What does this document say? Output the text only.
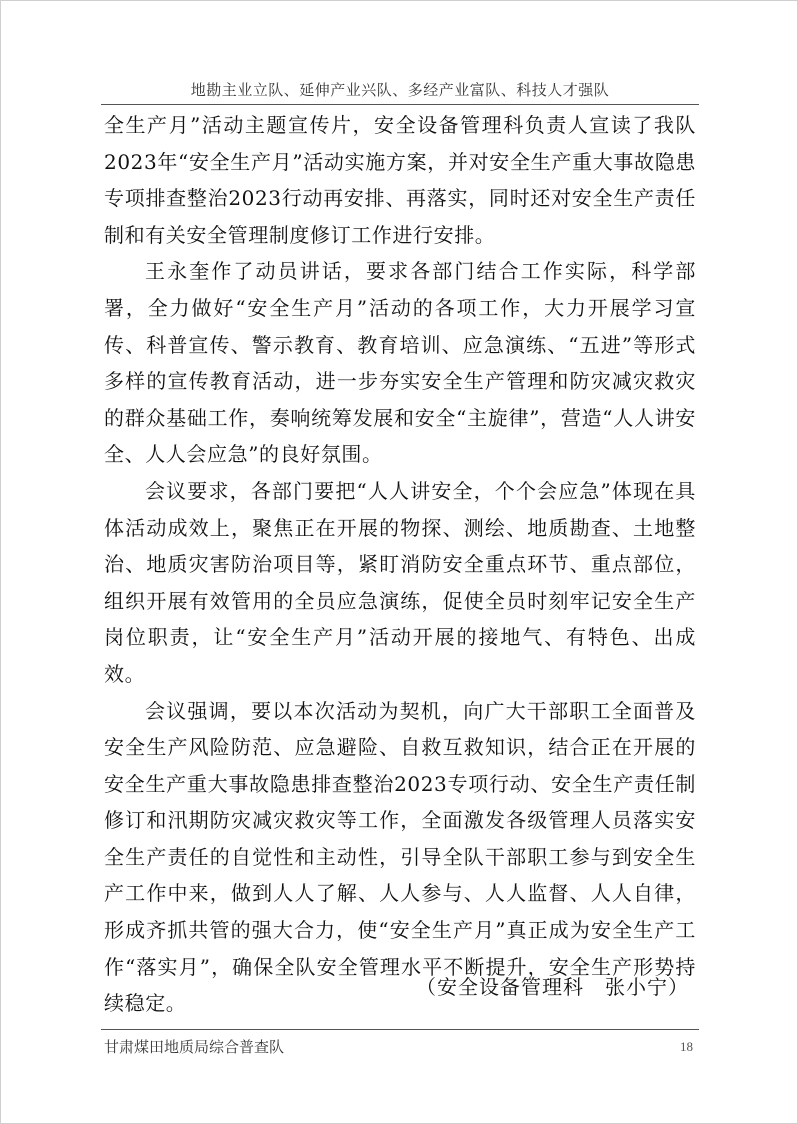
地勘主业立队、延伸产业兴队、多经产业富队、科技人才强队

全生产月”活动主题宣传片，安全设备管理科负责人宣读了我队2023年“安全生产月”活动实施方案，并对安全生产重大事故隐患专项排查整治2023行动再安排、再落实，同时还对安全生产责任制和有关安全管理制度修订工作进行安排。

王永奎作了动员讲话，要求各部门结合工作实际，科学部署，全力做好“安全生产月”活动的各项工作，大力开展学习宣传、科普宣传、警示教育、教育培训、应急演练、“五进”等形式多样的宣传教育活动，进一步夯实安全生产管理和防灾减灾救灾的群众基础工作，奏响统筹发展和安全“主旋律”，营造“人人讲安全、人人会应急”的良好氛围。

会议要求，各部门要把“人人讲安全，个个会应急”体现在具体活动成效上，聚焦正在开展的物探、测绘、地质勘查、土地整治、地质灾害防治项目等，紧盯消防安全重点环节、重点部位，组织开展有效管用的全员应急演练，促使全员时刻牢记安全生产岗位职责，让“安全生产月”活动开展的接地气、有特色、出成效。

会议强调，要以本次活动为契机，向广大干部职工全面普及安全生产风险防范、应急避险、自救互救知识，结合正在开展的安全生产重大事故隐患排查整治2023专项行动、安全生产责任制修订和汛期防灾减灾救灾等工作，全面激发各级管理人员落实安全生产责任的自觉性和主动性，引导全队干部职工参与到安全生产工作中来，做到人人了解、人人参与、人人监督、人人自律，形成齐抓共管的强大合力，使“安全生产月”真正成为安全生产工作“落实月”，确保全队安全管理水平不断提升，安全生产形势持续稳定。

（安全设备管理科　张小宁）
甘肃煤田地质局综合普查队	18
